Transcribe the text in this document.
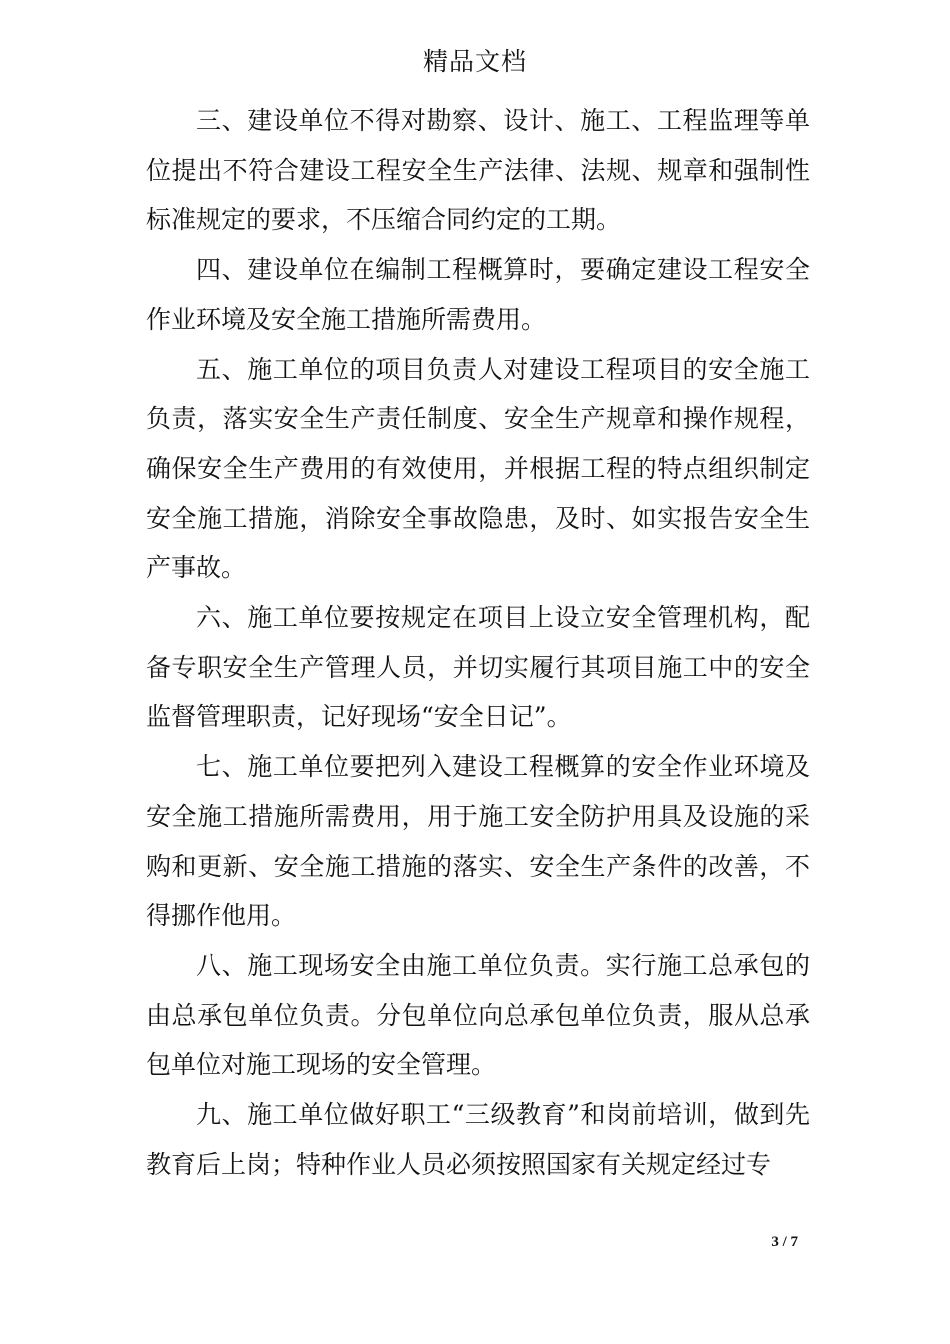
精品文档

三、建设单位不得对勘察、设计、施工、工程监理等单位提出不符合建设工程安全生产法律、法规、规章和强制性标准规定的要求，不压缩合同约定的工期。

四、建设单位在编制工程概算时，要确定建设工程安全作业环境及安全施工措施所需费用。

五、施工单位的项目负责人对建设工程项目的安全施工负责，落实安全生产责任制度、安全生产规章和操作规程，确保安全生产费用的有效使用，并根据工程的特点组织制定安全施工措施，消除安全事故隐患，及时、如实报告安全生产事故。

六、施工单位要按规定在项目上设立安全管理机构，配备专职安全生产管理人员，并切实履行其项目施工中的安全监督管理职责，记好现场“安全日记”。

七、施工单位要把列入建设工程概算的安全作业环境及安全施工措施所需费用，用于施工安全防护用具及设施的采购和更新、安全施工措施的落实、安全生产条件的改善，不得挪作他用。

八、施工现场安全由施工单位负责。实行施工总承包的由总承包单位负责。分包单位向总承包单位负责，服从总承包单位对施工现场的安全管理。

九、施工单位做好职工“三级教育”和岗前培训，做到先教育后上岗；特种作业人员必须按照国家有关规定经过专

3 / 7
